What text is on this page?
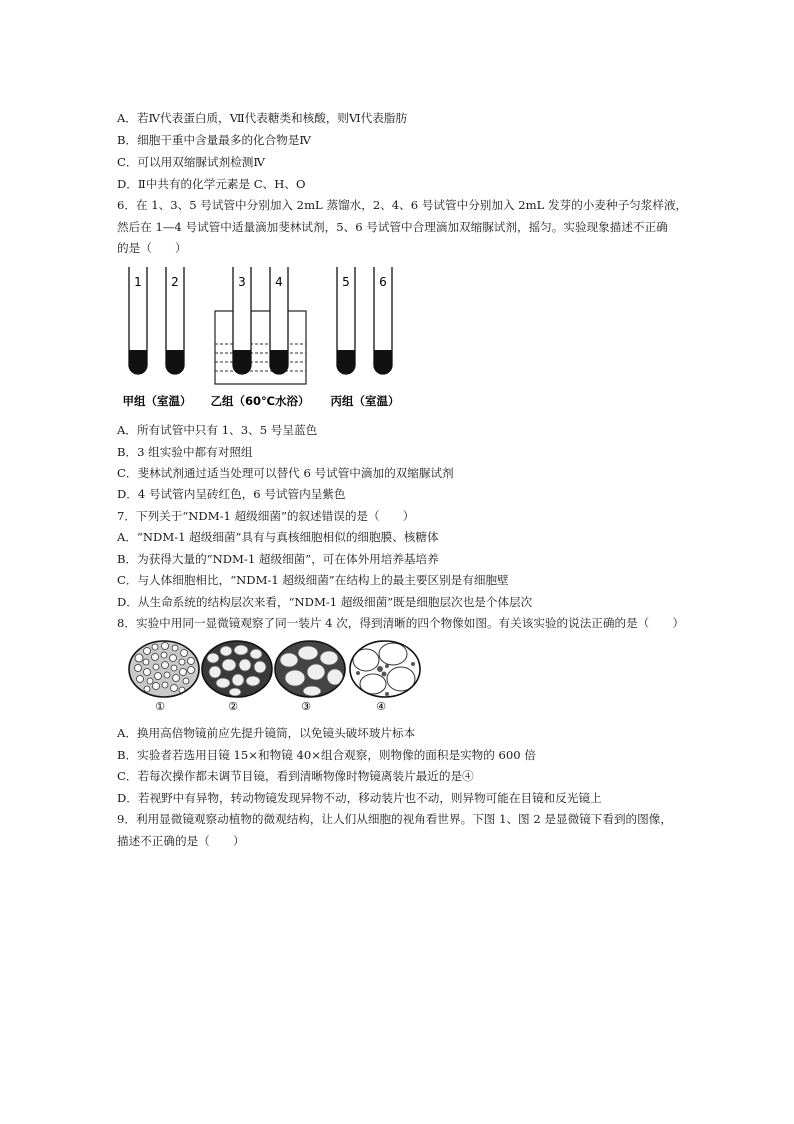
A．若Ⅳ代表蛋白质，Ⅶ代表糖类和核酸，则Ⅵ代表脂肪
B．细胞干重中含量最多的化合物是Ⅳ
C．可以用双缩脲试剂检测Ⅳ
D．Ⅱ中共有的化学元素是 C、H、O
6．在 1、3、5 号试管中分别加入 2mL 蒸馏水，2、4、6 号试管中分别加入 2mL 发芽的小麦种子匀浆样液，
然后在 1—4 号试管中适量滴加斐林试剂，5、6 号试管中合理滴加双缩脲试剂，摇匀。实验现象描述不正确
的是（　　）
1 2	3 4	5 6
甲组（室温） 乙组（60℃水浴） 丙组（室温）
A．所有试管中只有 1、3、5 号呈蓝色
B．3 组实验中都有对照组
C．斐林试剂通过适当处理可以替代 6 号试管中滴加的双缩脲试剂
D．4 号试管内呈砖红色，6 号试管内呈紫色
7．下列关于“NDM-1 超级细菌”的叙述错误的是（　　）
A．“NDM-1 超级细菌”具有与真核细胞相似的细胞膜、核糖体
B．为获得大量的“NDM-1 超级细菌”，可在体外用培养基培养
C．与人体细胞相比，“NDM-1 超级细菌”在结构上的最主要区别是有细胞壁
D．从生命系统的结构层次来看，“NDM-1 超级细菌”既是细胞层次也是个体层次
8．实验中用同一显微镜观察了同一装片 4 次，得到清晰的四个物像如图。有关该实验的说法正确的是（　　）
①	②	③	④
A．换用高倍物镜前应先提升镜筒，以免镜头破坏玻片标本
B．实验者若选用目镜 15×和物镜 40×组合观察，则物像的面积是实物的 600 倍
C．若每次操作都未调节目镜，看到清晰物像时物镜离装片最近的是④
D．若视野中有异物，转动物镜发现异物不动，移动装片也不动，则异物可能在目镜和反光镜上
9．利用显微镜观察动植物的微观结构，让人们从细胞的视角看世界。下图 1、图 2 是显微镜下看到的图像，
描述不正确的是（　　）
